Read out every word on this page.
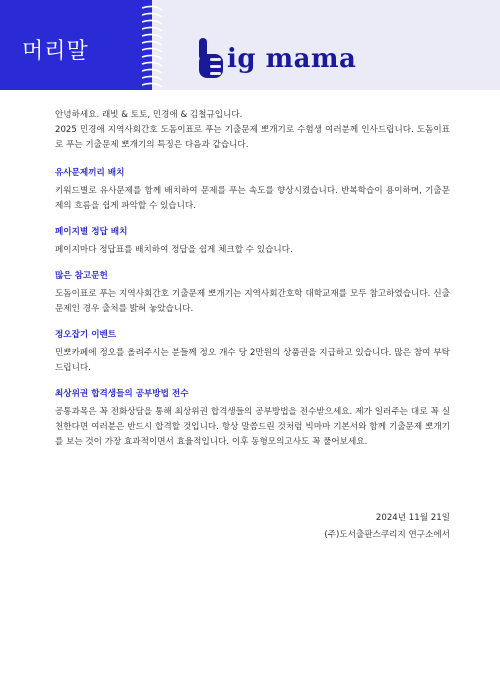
머리말	ig mama

안녕하세요. 래빗 & 토토, 민경애 & 김철규입니다.

2025 민경애 지역사회간호 도돔이표로 푸는 기출문제 뽀개기로 수험생 여러분께 인사드립니다. 도돔이표로 푸는 기출문제 뽀개기의 특징은 다음과 같습니다.

유사문제끼리 배치

키워드별로 유사문제를 함께 배치하여 문제를 푸는 속도를 향상시켰습니다. 반복학습이 용이하며, 기출문제의 흐름을 쉽게 파악할 수 있습니다.

페이지별 정답 배치

페이지마다 정답표를 배치하여 정답을 쉽게 체크할 수 있습니다.

많은 참고문헌

도돔이표로 푸는 지역사회간호 기출문제 뽀개기는 지역사회간호학 대학교재를 모두 참고하였습니다. 신출문제인 경우 출처를 밝혀 놓았습니다.

정오잡기 이벤트

민뽀카페에 정오를 올려주시는 분들께 정오 개수 당 2만원의 상품권을 지급하고 있습니다. 많은 참여 부탁드립니다.

최상위권 합격생들의 공부방법 전수

공통과목은 꼭 전화상담을 통해 최상위권 합격생들의 공부방법을 전수받으세요. 제가 일러주는 대로 꼭 실천한다면 여러분은 반드시 합격할 것입니다. 항상 말씀드린 것처럼 빅마마 기본서와 함께 기출문제 뽀개기를 보는 것이 가장 효과적이면서 효율적입니다. 이후 동형모의고사도 꼭 풀어보세요.

2024년 11월 21일
(주)도서출판스쿠리지 연구소에서
